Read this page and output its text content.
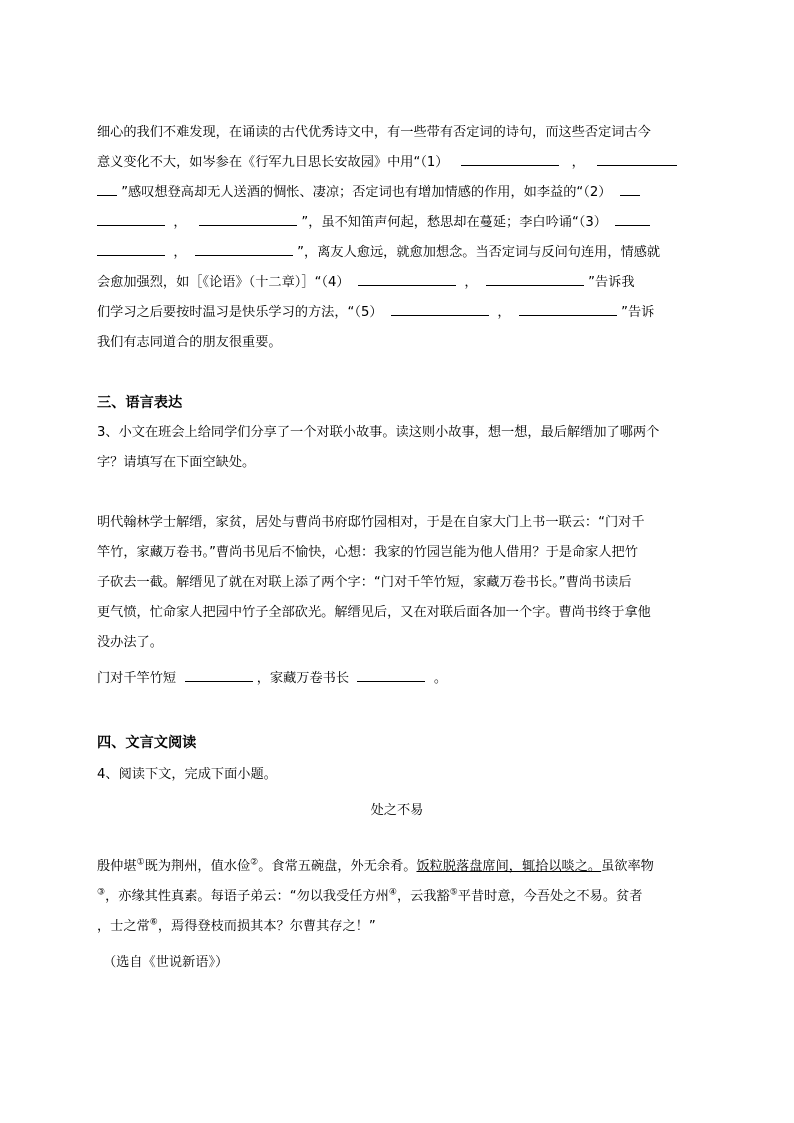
细心的我们不难发现，在诵读的古代优秀诗文中，有一些带有否定词的诗句，而这些否定词古今

意义变化不大，如岑参在《行军九日思长安故园》中用“（1）	，

”感叹想登高却无人送酒的惆怅、凄凉；否定词也有增加情感的作用，如李益的“（2）

，	”，虽不知笛声何起，愁思却在蔓延；李白吟诵“（3）

，	”，离友人愈远，就愈加想念。当否定词与反问句连用，情感就

会愈加强烈，如［《论语》（十二章）］“（4）	，	”告诉我

们学习之后要按时温习是快乐学习的方法，“（5）	，	”告诉

我们有志同道合的朋友很重要。

三、语言表达

3、小文在班会上给同学们分享了一个对联小故事。读这则小故事，想一想，最后解缙加了哪两个

字？请填写在下面空缺处。

明代翰林学士解缙，家贫，居处与曹尚书府邸竹园相对，于是在自家大门上书一联云：“门对千

竿竹，家藏万卷书。”曹尚书见后不愉快，心想：我家的竹园岂能为他人借用？于是命家人把竹

子砍去一截。解缙见了就在对联上添了两个字：“门对千竿竹短，家藏万卷书长。”曹尚书读后

更气愤，忙命家人把园中竹子全部砍光。解缙见后，又在对联后面各加一个字。曹尚书终于拿他

没办法了。

门对千竿竹短	，家藏万卷书长	。

四、文言文阅读

4、阅读下文，完成下面小题。

处之不易

殷仲堪①既为荆州，值水俭②。食常五碗盘，外无余肴。饭粒脱落盘席间，辄拾以啖之。虽欲率物

③，亦缘其性真素。每语子弟云：“勿以我受任方州④，云我豁⑤平昔时意，今吾处之不易。贫者

，士之常⑥，焉得登枝而损其本？尔曹其存之！”

（选自《世说新语》）
